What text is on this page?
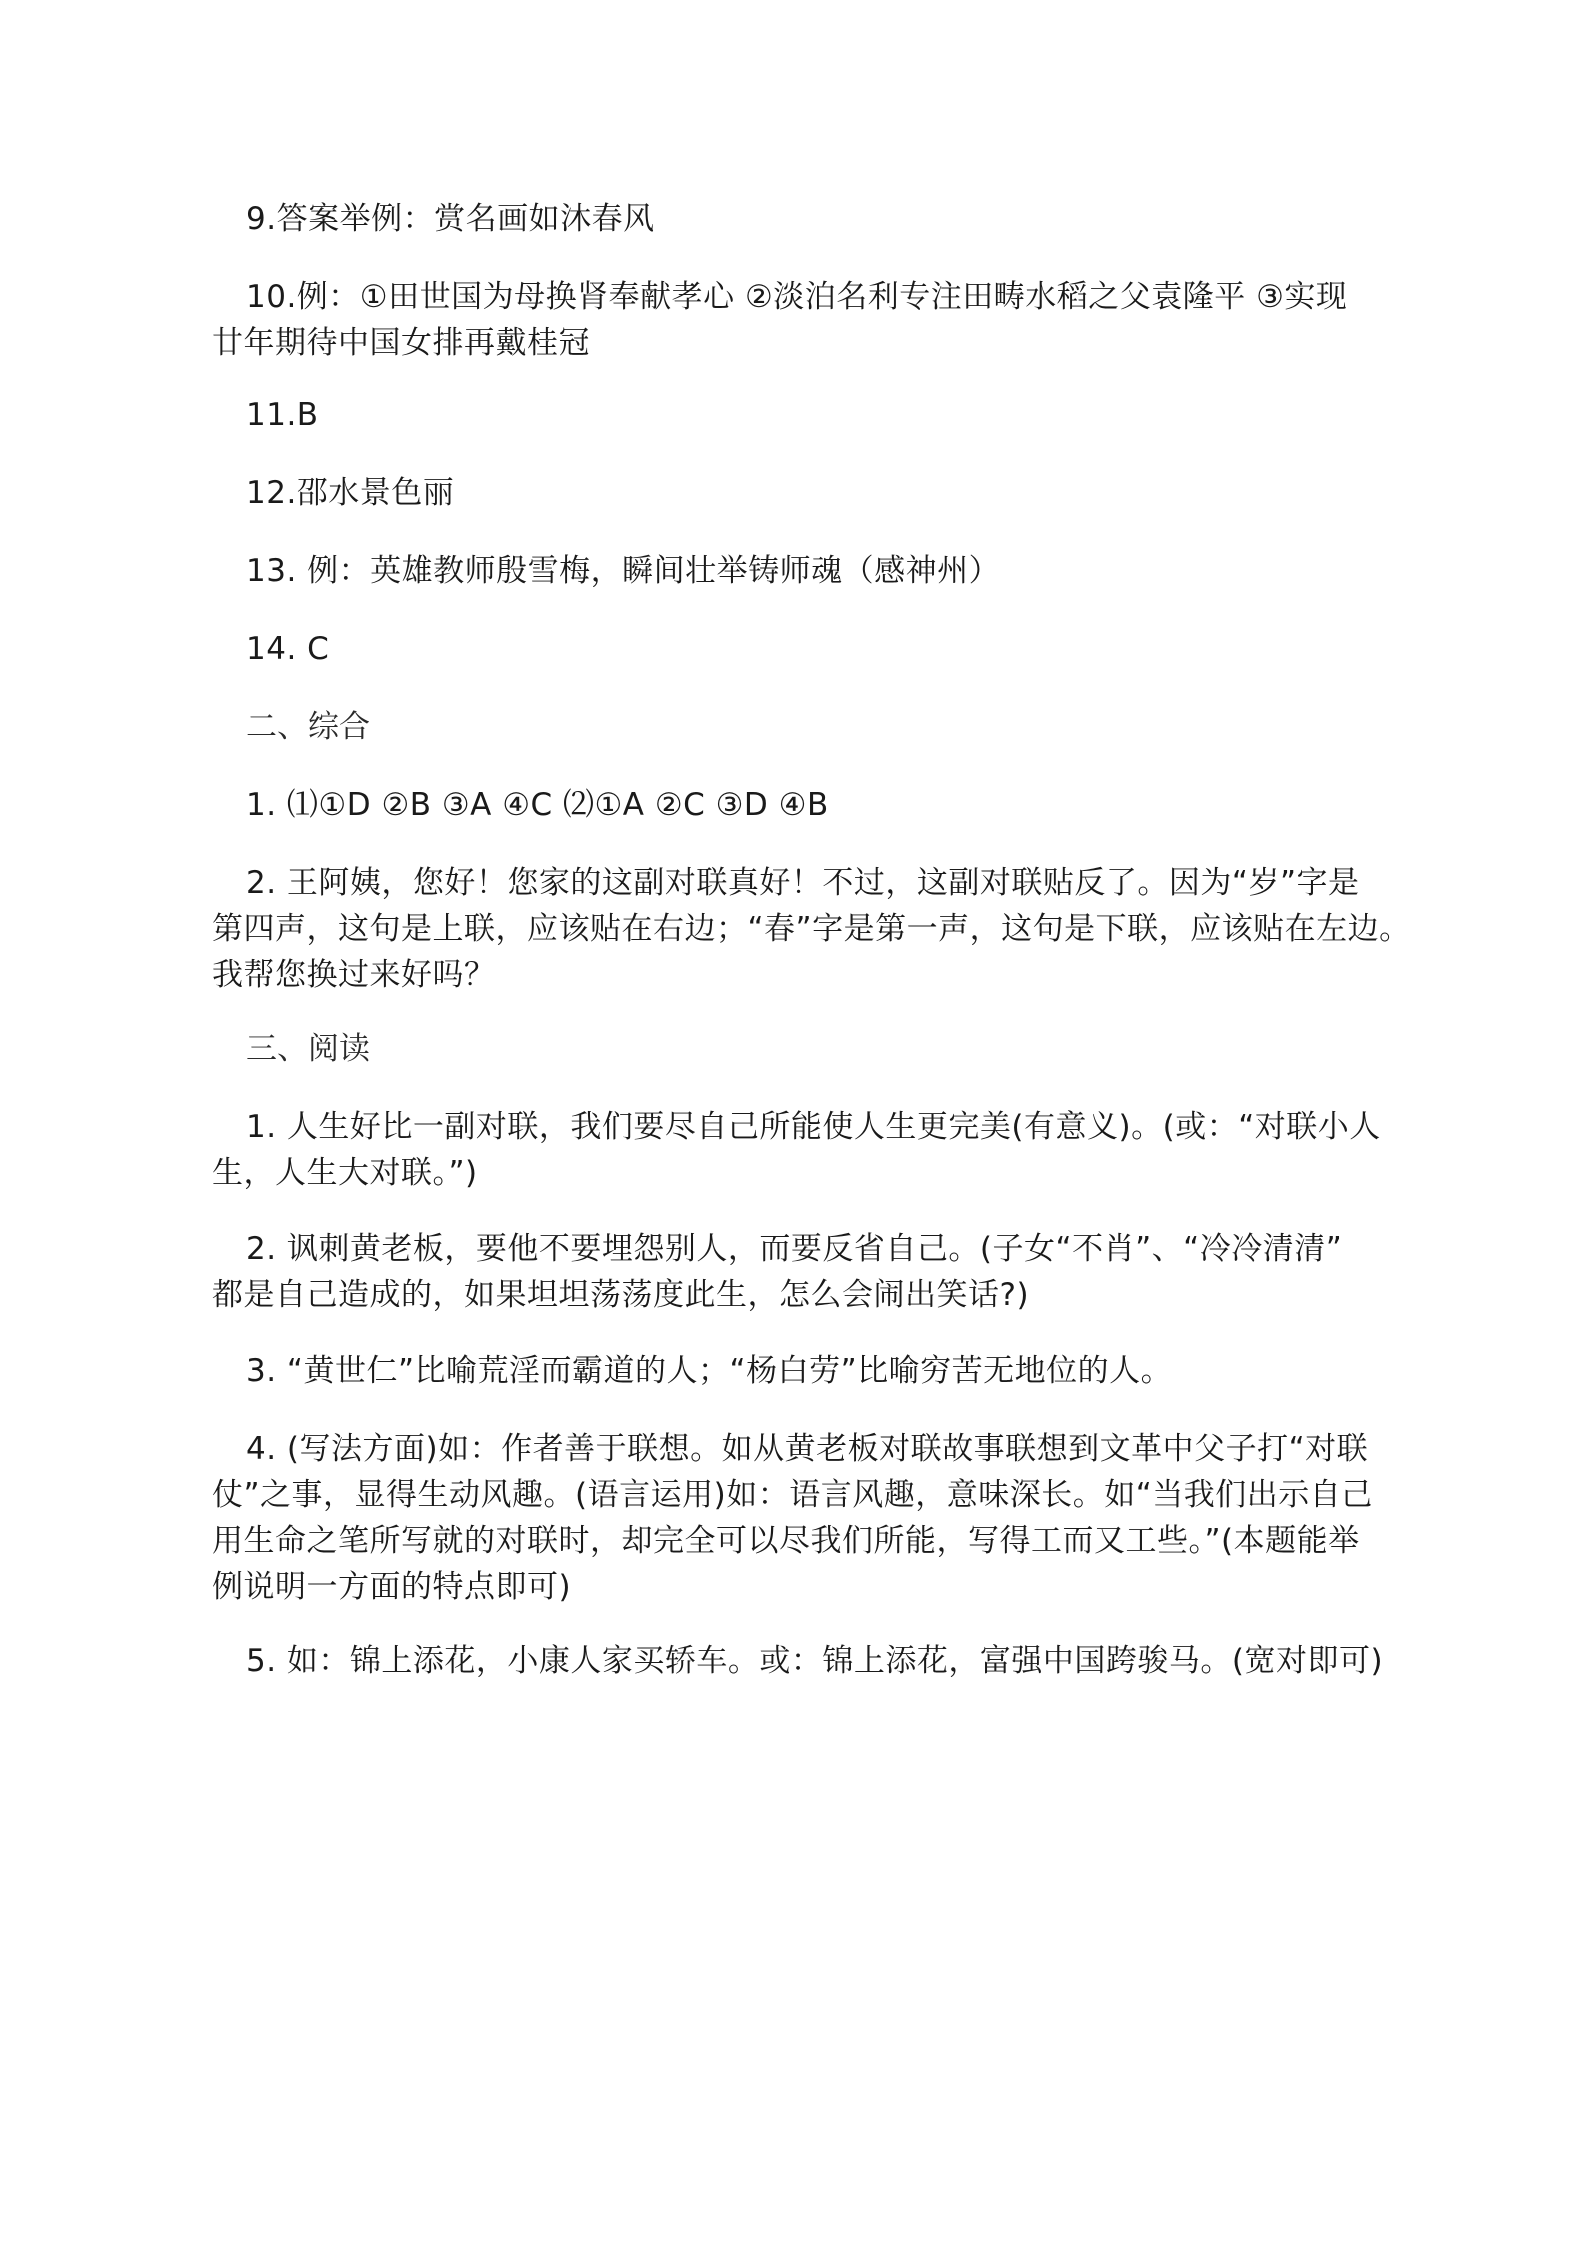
9.答案举例：赏名画如沐春风
10.例：①田世国为母换肾奉献孝心 ②淡泊名利专注田畴水稻之父袁隆平 ③实现
廿年期待中国女排再戴桂冠
11.B
12.邵水景色丽
13. 例：英雄教师殷雪梅，瞬间壮举铸师魂（感神州）
14. C
二、综合
1. ⑴①D ②B ③A ④C ⑵①A ②C ③D ④B
2. 王阿姨，您好！您家的这副对联真好！不过，这副对联贴反了。因为“岁”字是
第四声，这句是上联，应该贴在右边；“春”字是第一声，这句是下联，应该贴在左边。
我帮您换过来好吗？
三、阅读
1. 人生好比一副对联，我们要尽自己所能使人生更完美(有意义)。(或：“对联小人
生，人生大对联。”)
2. 讽刺黄老板，要他不要埋怨别人，而要反省自己。(子女“不肖”、“冷冷清清”
都是自己造成的，如果坦坦荡荡度此生，怎么会闹出笑话?)
3. “黄世仁”比喻荒淫而霸道的人；“杨白劳”比喻穷苦无地位的人。
4. (写法方面)如：作者善于联想。如从黄老板对联故事联想到文革中父子打“对联
仗”之事，显得生动风趣。(语言运用)如：语言风趣，意味深长。如“当我们出示自己
用生命之笔所写就的对联时，却完全可以尽我们所能，写得工而又工些。”(本题能举
例说明一方面的特点即可)
5. 如：锦上添花，小康人家买轿车。或：锦上添花，富强中国跨骏马。(宽对即可)
